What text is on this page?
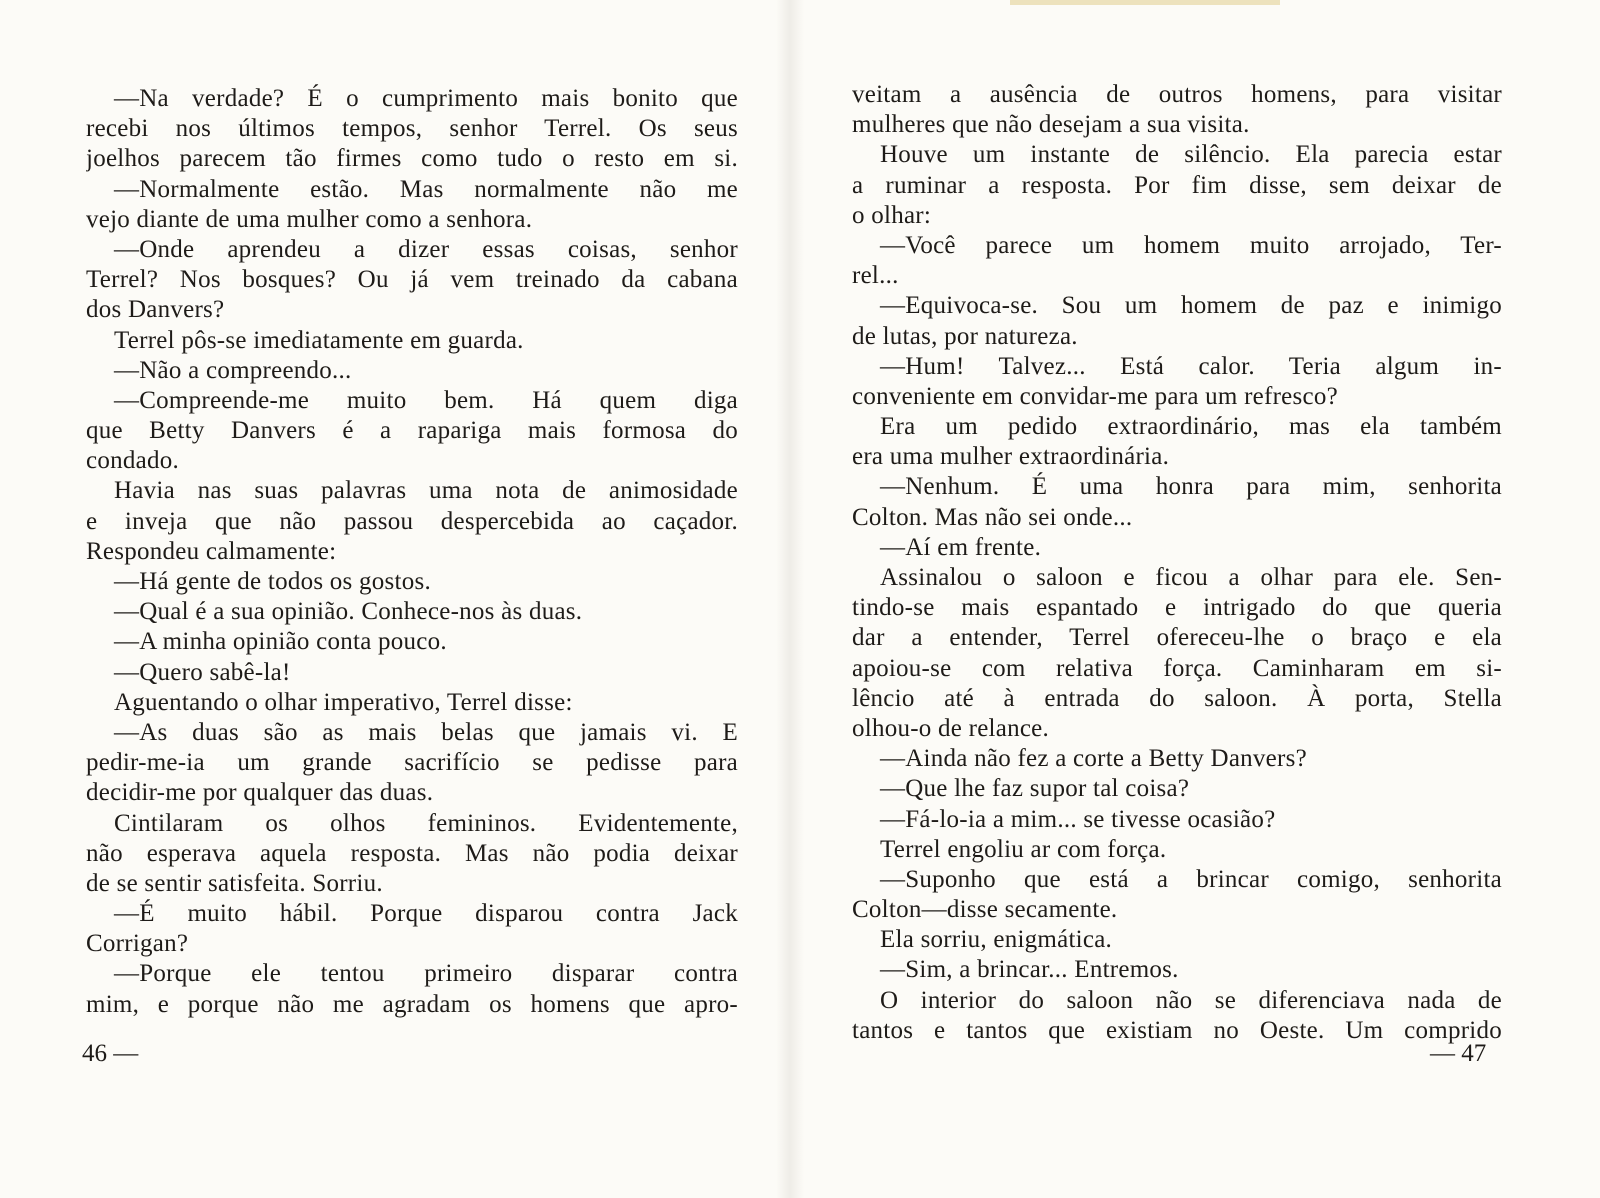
—Na verdade? É o cumprimento mais bonito que
recebi nos últimos tempos, senhor Terrel. Os seus
joelhos parecem tão firmes como tudo o resto em si.
—Normalmente estão. Mas normalmente não me
vejo diante de uma mulher como a senhora.
—Onde aprendeu a dizer essas coisas, senhor
Terrel? Nos bosques? Ou já vem treinado da cabana
dos Danvers?
Terrel pôs-se imediatamente em guarda.
—Não a compreendo...
—Compreende-me muito bem. Há quem diga
que Betty Danvers é a rapariga mais formosa do
condado.
Havia nas suas palavras uma nota de animosidade
e inveja que não passou despercebida ao caçador.
Respondeu calmamente:
—Há gente de todos os gostos.
—Qual é a sua opinião. Conhece-nos às duas.
—A minha opinião conta pouco.
—Quero sabê-la!
Aguentando o olhar imperativo, Terrel disse:
—As duas são as mais belas que jamais vi. E
pedir-me-ia um grande sacrifício se pedisse para
decidir-me por qualquer das duas.
Cintilaram os olhos femininos. Evidentemente,
não esperava aquela resposta. Mas não podia deixar
de se sentir satisfeita. Sorriu.
—É muito hábil. Porque disparou contra Jack
Corrigan?
—Porque ele tentou primeiro disparar contra
mim, e porque não me agradam os homens que apro-
46 —
veitam a ausência de outros homens, para visitar
mulheres que não desejam a sua visita.
Houve um instante de silêncio. Ela parecia estar
a ruminar a resposta. Por fim disse, sem deixar de
o olhar:
—Você parece um homem muito arrojado, Ter-
rel...
—Equivoca-se. Sou um homem de paz e inimigo
de lutas, por natureza.
—Hum! Talvez... Está calor. Teria algum in-
conveniente em convidar-me para um refresco?
Era um pedido extraordinário, mas ela também
era uma mulher extraordinária.
—Nenhum. É uma honra para mim, senhorita
Colton. Mas não sei onde...
—Aí em frente.
Assinalou o saloon e ficou a olhar para ele. Sen-
tindo-se mais espantado e intrigado do que queria
dar a entender, Terrel ofereceu-lhe o braço e ela
apoiou-se com relativa força. Caminharam em si-
lêncio até à entrada do saloon. À porta, Stella
olhou-o de relance.
—Ainda não fez a corte a Betty Danvers?
—Que lhe faz supor tal coisa?
—Fá-lo-ia a mim... se tivesse ocasião?
Terrel engoliu ar com força.
—Suponho que está a brincar comigo, senhorita
Colton—disse secamente.
Ela sorriu, enigmática.
—Sim, a brincar... Entremos.
O interior do saloon não se diferenciava nada de
tantos e tantos que existiam no Oeste. Um comprido
— 47
